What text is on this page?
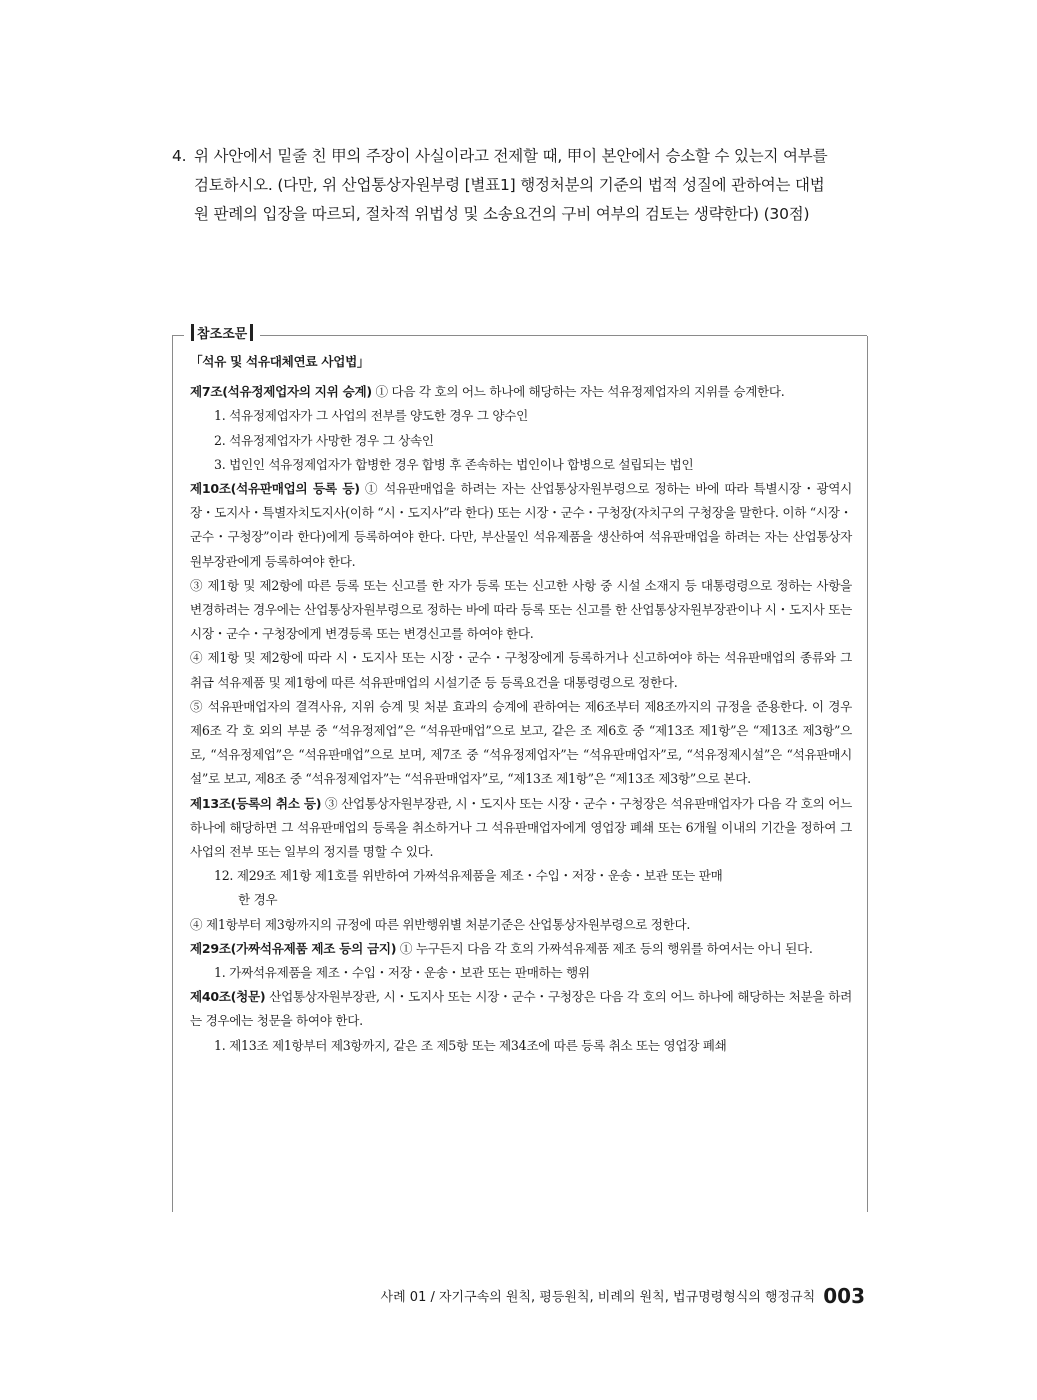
4. 위 사안에서 밑줄 친 甲의 주장이 사실이라고 전제할 때, 甲이 본안에서 승소할 수 있는지 여부를
검토하시오. (다만, 위 산업통상자원부령 [별표1] 행정처분의 기준의 법적 성질에 관하여는 대법
원 판례의 입장을 따르되, 절차적 위법성 및 소송요건의 구비 여부의 검토는 생략한다) (30점)
참조조문
「석유 및 석유대체연료 사업법」
제7조(석유정제업자의 지위 승계) ① 다음 각 호의 어느 하나에 해당하는 자는 석유정제업자의 지위를 승계한다.
1. 석유정제업자가 그 사업의 전부를 양도한 경우 그 양수인
2. 석유정제업자가 사망한 경우 그 상속인
3. 법인인 석유정제업자가 합병한 경우 합병 후 존속하는 법인이나 합병으로 설립되는 법인
제10조(석유판매업의 등록 등) ① 석유판매업을 하려는 자는 산업통상자원부령으로 정하는 바에 따라 특별시장・광역시장・도지사・특별자치도지사(이하 “시・도지사”라 한다) 또는 시장・군수・구청장(자치구의 구청장을 말한다. 이하 “시장・군수・구청장”이라 한다)에게 등록하여야 한다. 다만, 부산물인 석유제품을 생산하여 석유판매업을 하려는 자는 산업통상자원부장관에게 등록하여야 한다.
③ 제1항 및 제2항에 따른 등록 또는 신고를 한 자가 등록 또는 신고한 사항 중 시설 소재지 등 대통령령으로 정하는 사항을 변경하려는 경우에는 산업통상자원부령으로 정하는 바에 따라 등록 또는 신고를 한 산업통상자원부장관이나 시・도지사 또는 시장・군수・구청장에게 변경등록 또는 변경신고를 하여야 한다.
④ 제1항 및 제2항에 따라 시・도지사 또는 시장・군수・구청장에게 등록하거나 신고하여야 하는 석유판매업의 종류와 그 취급 석유제품 및 제1항에 따른 석유판매업의 시설기준 등 등록요건을 대통령령으로 정한다.
⑤ 석유판매업자의 결격사유, 지위 승계 및 처분 효과의 승계에 관하여는 제6조부터 제8조까지의 규정을 준용한다. 이 경우 제6조 각 호 외의 부분 중 “석유정제업”은 “석유판매업”으로 보고, 같은 조 제6호 중 “제13조 제1항”은 “제13조 제3항”으로, “석유정제업”은 “석유판매업”으로 보며, 제7조 중 “석유정제업자”는 “석유판매업자”로, “석유정제시설”은 “석유판매시설”로 보고, 제8조 중 “석유정제업자”는 “석유판매업자”로, “제13조 제1항”은 “제13조 제3항”으로 본다.
제13조(등록의 취소 등) ③ 산업통상자원부장관, 시・도지사 또는 시장・군수・구청장은 석유판매업자가 다음 각 호의 어느 하나에 해당하면 그 석유판매업의 등록을 취소하거나 그 석유판매업자에게 영업장 폐쇄 또는 6개월 이내의 기간을 정하여 그 사업의 전부 또는 일부의 정지를 명할 수 있다.
12. 제29조 제1항 제1호를 위반하여 가짜석유제품을 제조・수입・저장・운송・보관 또는 판매
한 경우
④ 제1항부터 제3항까지의 규정에 따른 위반행위별 처분기준은 산업통상자원부령으로 정한다.
제29조(가짜석유제품 제조 등의 금지) ① 누구든지 다음 각 호의 가짜석유제품 제조 등의 행위를 하여서는 아니 된다.
1. 가짜석유제품을 제조・수입・저장・운송・보관 또는 판매하는 행위
제40조(청문) 산업통상자원부장관, 시・도지사 또는 시장・군수・구청장은 다음 각 호의 어느 하나에 해당하는 처분을 하려는 경우에는 청문을 하여야 한다.
1. 제13조 제1항부터 제3항까지, 같은 조 제5항 또는 제34조에 따른 등록 취소 또는 영업장 폐쇄
사례 01 / 자기구속의 원칙, 평등원칙, 비례의 원칙, 법규명령형식의 행정규칙 003
